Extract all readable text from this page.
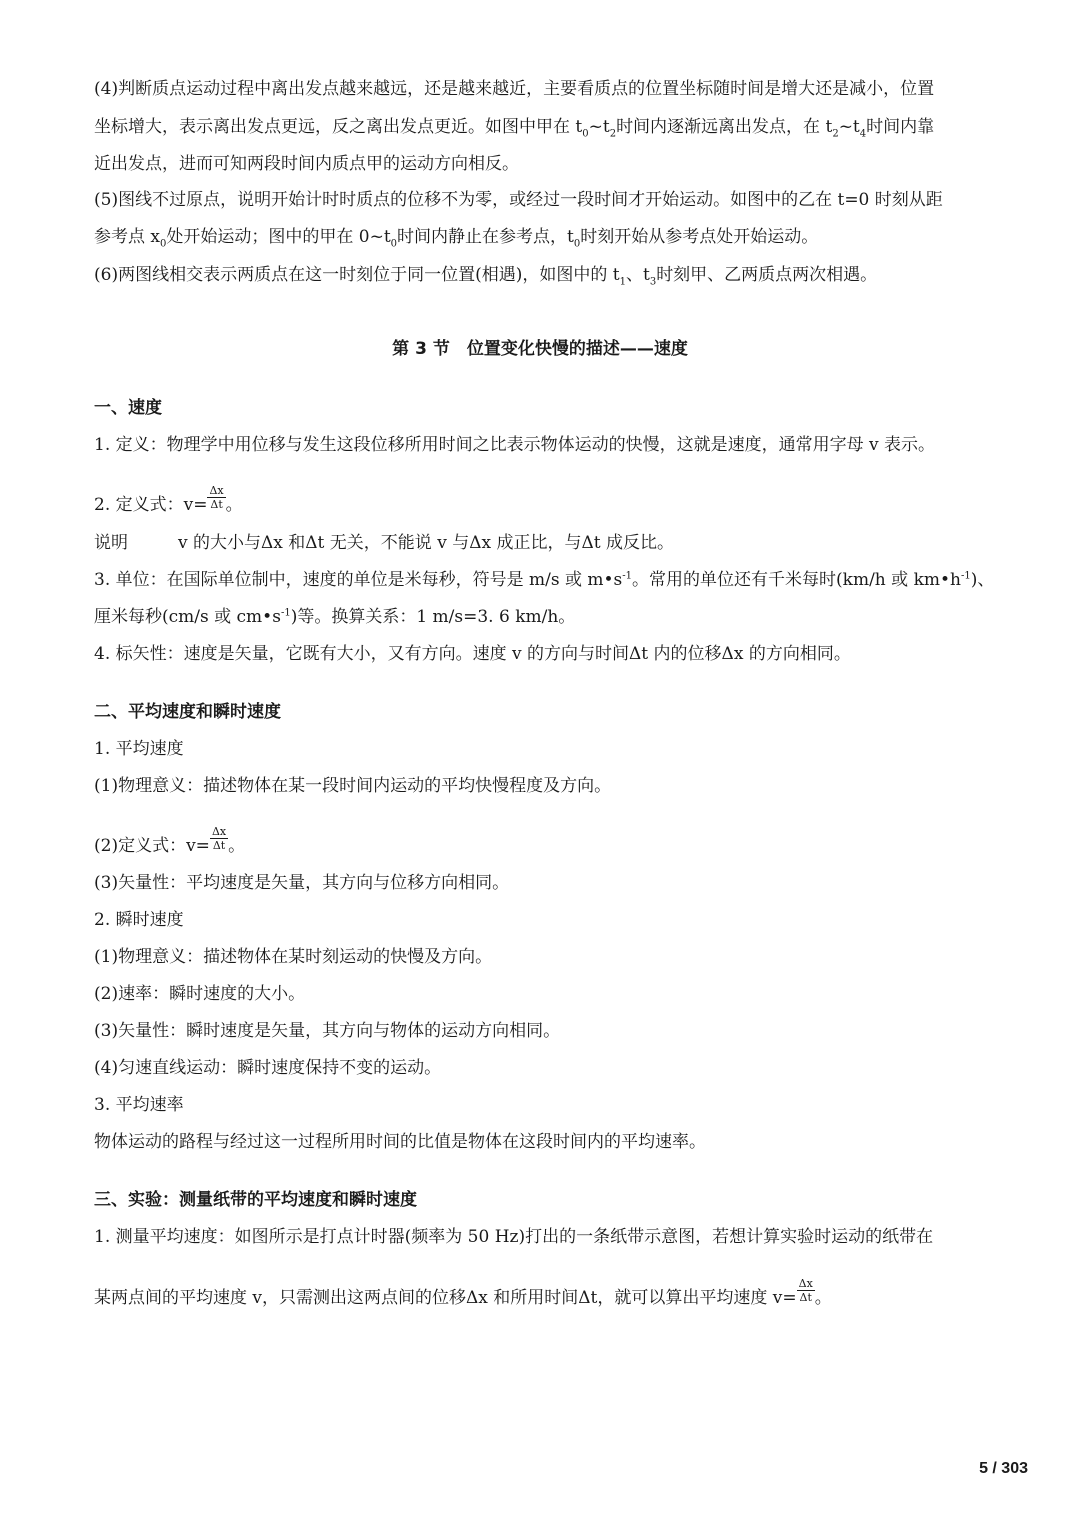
(4)判断质点运动过程中离出发点越来越远，还是越来越近，主要看质点的位置坐标随时间是增大还是减小，位置
坐标增大，表示离出发点更远，反之离出发点更近。如图中甲在 $t_0\sim t_2$时间内逐渐远离出发点，在 $t_2\sim t_4$时间内靠
近出发点，进而可知两段时间内质点甲的运动方向相反。
(5)图线不过原点，说明开始计时时质点的位移不为零，或经过一段时间才开始运动。如图中的乙在 t=0 时刻从距
参考点 $x_0$处开始运动；图中的甲在 $0\sim t_0$时间内静止在参考点，$t_0$时刻开始从参考点处开始运动。
(6)两图线相交表示两质点在这一时刻位于同一位置(相遇)，如图中的 $t_1$、$t_3$时刻甲、乙两质点两次相遇。
第 3 节　位置变化快慢的描述——速度
一、速度
1. 定义：物理学中用位移与发生这段位移所用时间之比表示物体运动的快慢，这就是速度，通常用字母 v 表示。
2. 定义式：$v= \frac{\Delta x}{\Delta t}$ 。
说明	v 的大小与Δx 和Δt 无关，不能说 v 与Δx 成正比，与Δt 成反比。
3. 单位：在国际单位制中，速度的单位是米每秒，符号是 m/s 或 $m•s^{-1}$。常用的单位还有千米每时(km/h 或 $km•h^{-1}$)、
厘米每秒(cm/s 或 $cm•s^{-1}$)等。换算关系：1 m/s=3. 6 km/h。
4. 标矢性：速度是矢量，它既有大小，又有方向。速度 v 的方向与时间Δt 内的位移Δx 的方向相同。
二、平均速度和瞬时速度
1. 平均速度
(1)物理意义：描述物体在某一段时间内运动的平均快慢程度及方向。
(2)定义式：$v= \frac{\Delta x}{\Delta t}$ 。
(3)矢量性：平均速度是矢量，其方向与位移方向相同。
2. 瞬时速度
(1)物理意义：描述物体在某时刻运动的快慢及方向。
(2)速率：瞬时速度的大小。
(3)矢量性：瞬时速度是矢量，其方向与物体的运动方向相同。
(4)匀速直线运动：瞬时速度保持不变的运动。
3. 平均速率
物体运动的路程与经过这一过程所用时间的比值是物体在这段时间内的平均速率。
三、实验：测量纸带的平均速度和瞬时速度
1. 测量平均速度：如图所示是打点计时器(频率为 50 Hz)打出的一条纸带示意图，若想计算实验时运动的纸带在
某两点间的平均速度 v，只需测出这两点间的位移Δx 和所用时间Δt，就可以算出平均速度 $v= \frac{\Delta x}{\Delta t}$ 。
5 / 303
